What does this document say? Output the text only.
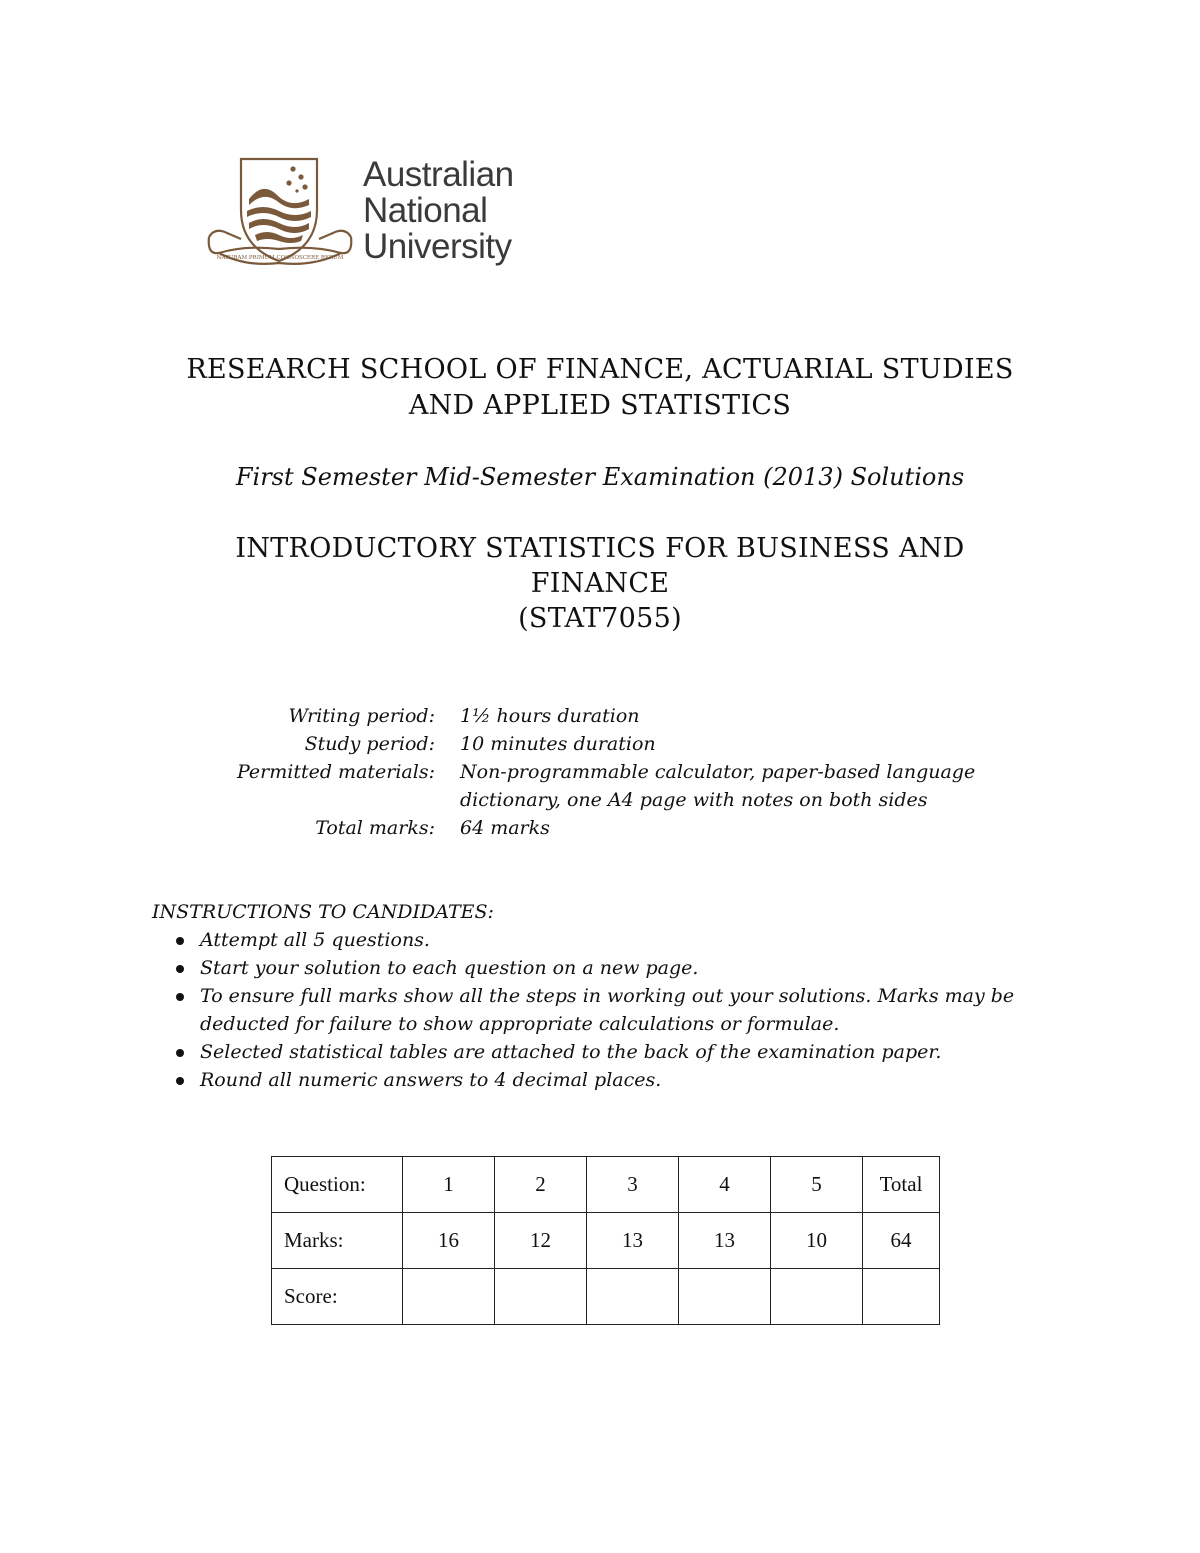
NATURAM PRIMUM COGNOSCERE RERUM
Australian
National
University
RESEARCH SCHOOL OF FINANCE, ACTUARIAL STUDIES
AND APPLIED STATISTICS
First Semester Mid-Semester Examination (2013) Solutions
INTRODUCTORY STATISTICS FOR BUSINESS AND
FINANCE
(STAT7055)
Writing period:	1½ hours duration
Study period:	10 minutes duration
Permitted materials:	Non-programmable calculator, paper-based language
dictionary, one A4 page with notes on both sides
Total marks:	64 marks
INSTRUCTIONS TO CANDIDATES:
Attempt all 5 questions.
Start your solution to each question on a new page.
To ensure full marks show all the steps in working out your solutions. Marks may be
deducted for failure to show appropriate calculations or formulae.
Selected statistical tables are attached to the back of the examination paper.
Round all numeric answers to 4 decimal places.
Question:	1	2	3	4	5	Total
Marks:	16	12	13	13	10	64
Score:						
